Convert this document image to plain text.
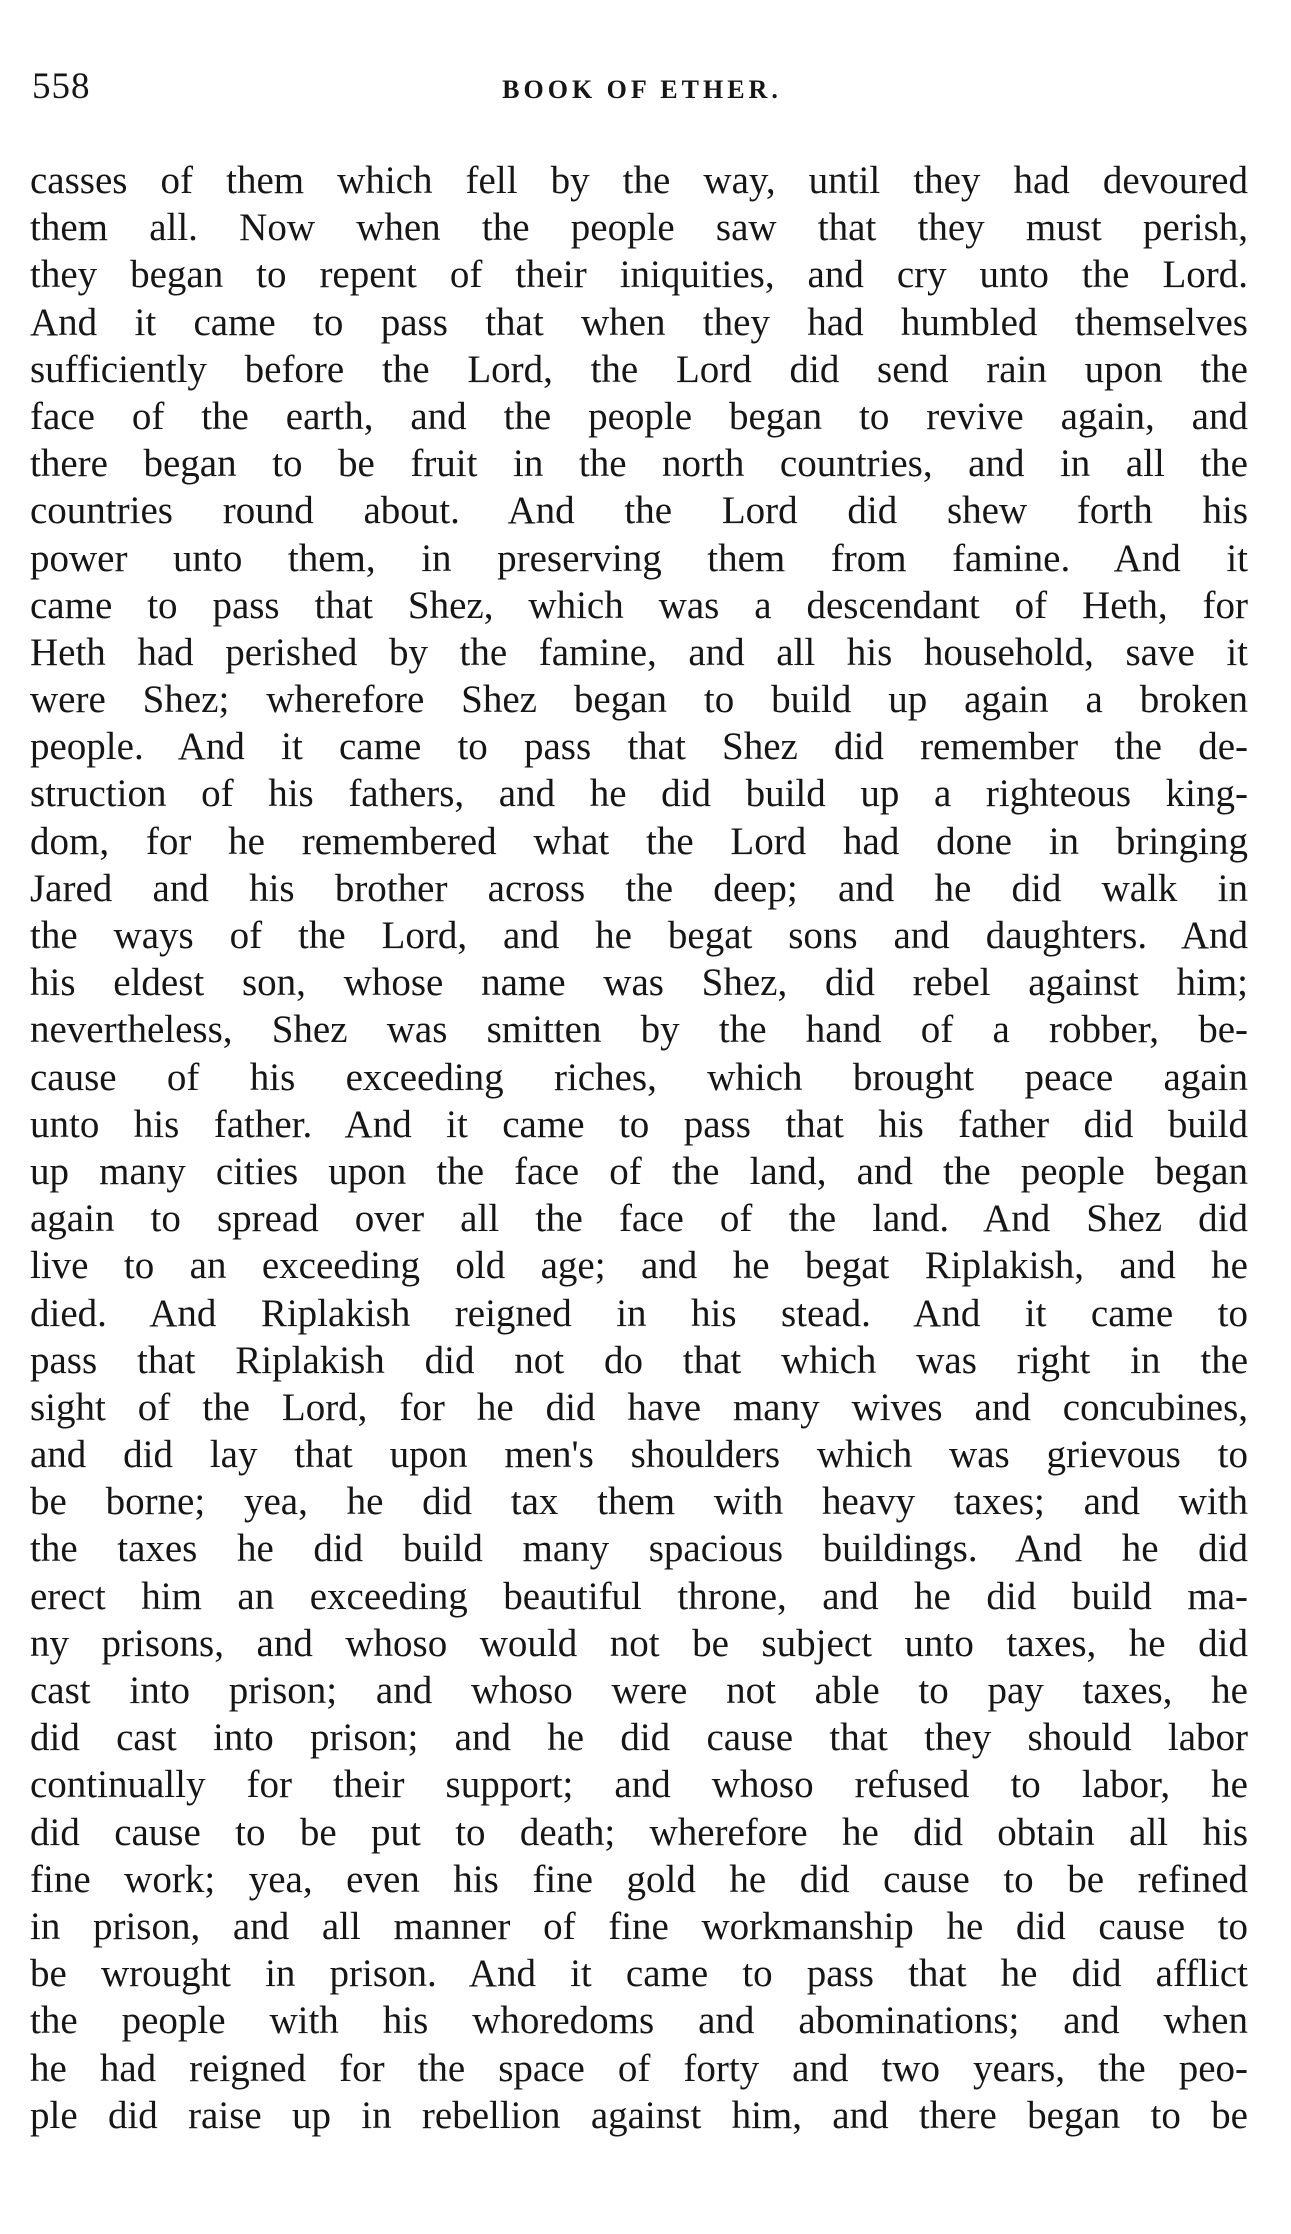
558	BOOK OF ETHER.
casses of them which fell by the way, until they had devoured
them all. Now when the people saw that they must perish,
they began to repent of their iniquities, and cry unto the Lord.
And it came to pass that when they had humbled themselves
sufficiently before the Lord, the Lord did send rain upon the
face of the earth, and the people began to revive again, and
there began to be fruit in the north countries, and in all the
countries round about. And the Lord did shew forth his
power unto them, in preserving them from famine. And it
came to pass that Shez, which was a descendant of Heth, for
Heth had perished by the famine, and all his household, save it
were Shez; wherefore Shez began to build up again a broken
people. And it came to pass that Shez did remember the de-
struction of his fathers, and he did build up a righteous king-
dom, for he remembered what the Lord had done in bringing
Jared and his brother across the deep; and he did walk in
the ways of the Lord, and he begat sons and daughters. And
his eldest son, whose name was Shez, did rebel against him;
nevertheless, Shez was smitten by the hand of a robber, be-
cause of his exceeding riches, which brought peace again
unto his father. And it came to pass that his father did build
up many cities upon the face of the land, and the people began
again to spread over all the face of the land. And Shez did
live to an exceeding old age; and he begat Riplakish, and he
died. And Riplakish reigned in his stead. And it came to
pass that Riplakish did not do that which was right in the
sight of the Lord, for he did have many wives and concubines,
and did lay that upon men's shoulders which was grievous to
be borne; yea, he did tax them with heavy taxes; and with
the taxes he did build many spacious buildings. And he did
erect him an exceeding beautiful throne, and he did build ma-
ny prisons, and whoso would not be subject unto taxes, he did
cast into prison; and whoso were not able to pay taxes, he
did cast into prison; and he did cause that they should labor
continually for their support; and whoso refused to labor, he
did cause to be put to death; wherefore he did obtain all his
fine work; yea, even his fine gold he did cause to be refined
in prison, and all manner of fine workmanship he did cause to
be wrought in prison. And it came to pass that he did afflict
the people with his whoredoms and abominations; and when
he had reigned for the space of forty and two years, the peo-
ple did raise up in rebellion against him, and there began to be
